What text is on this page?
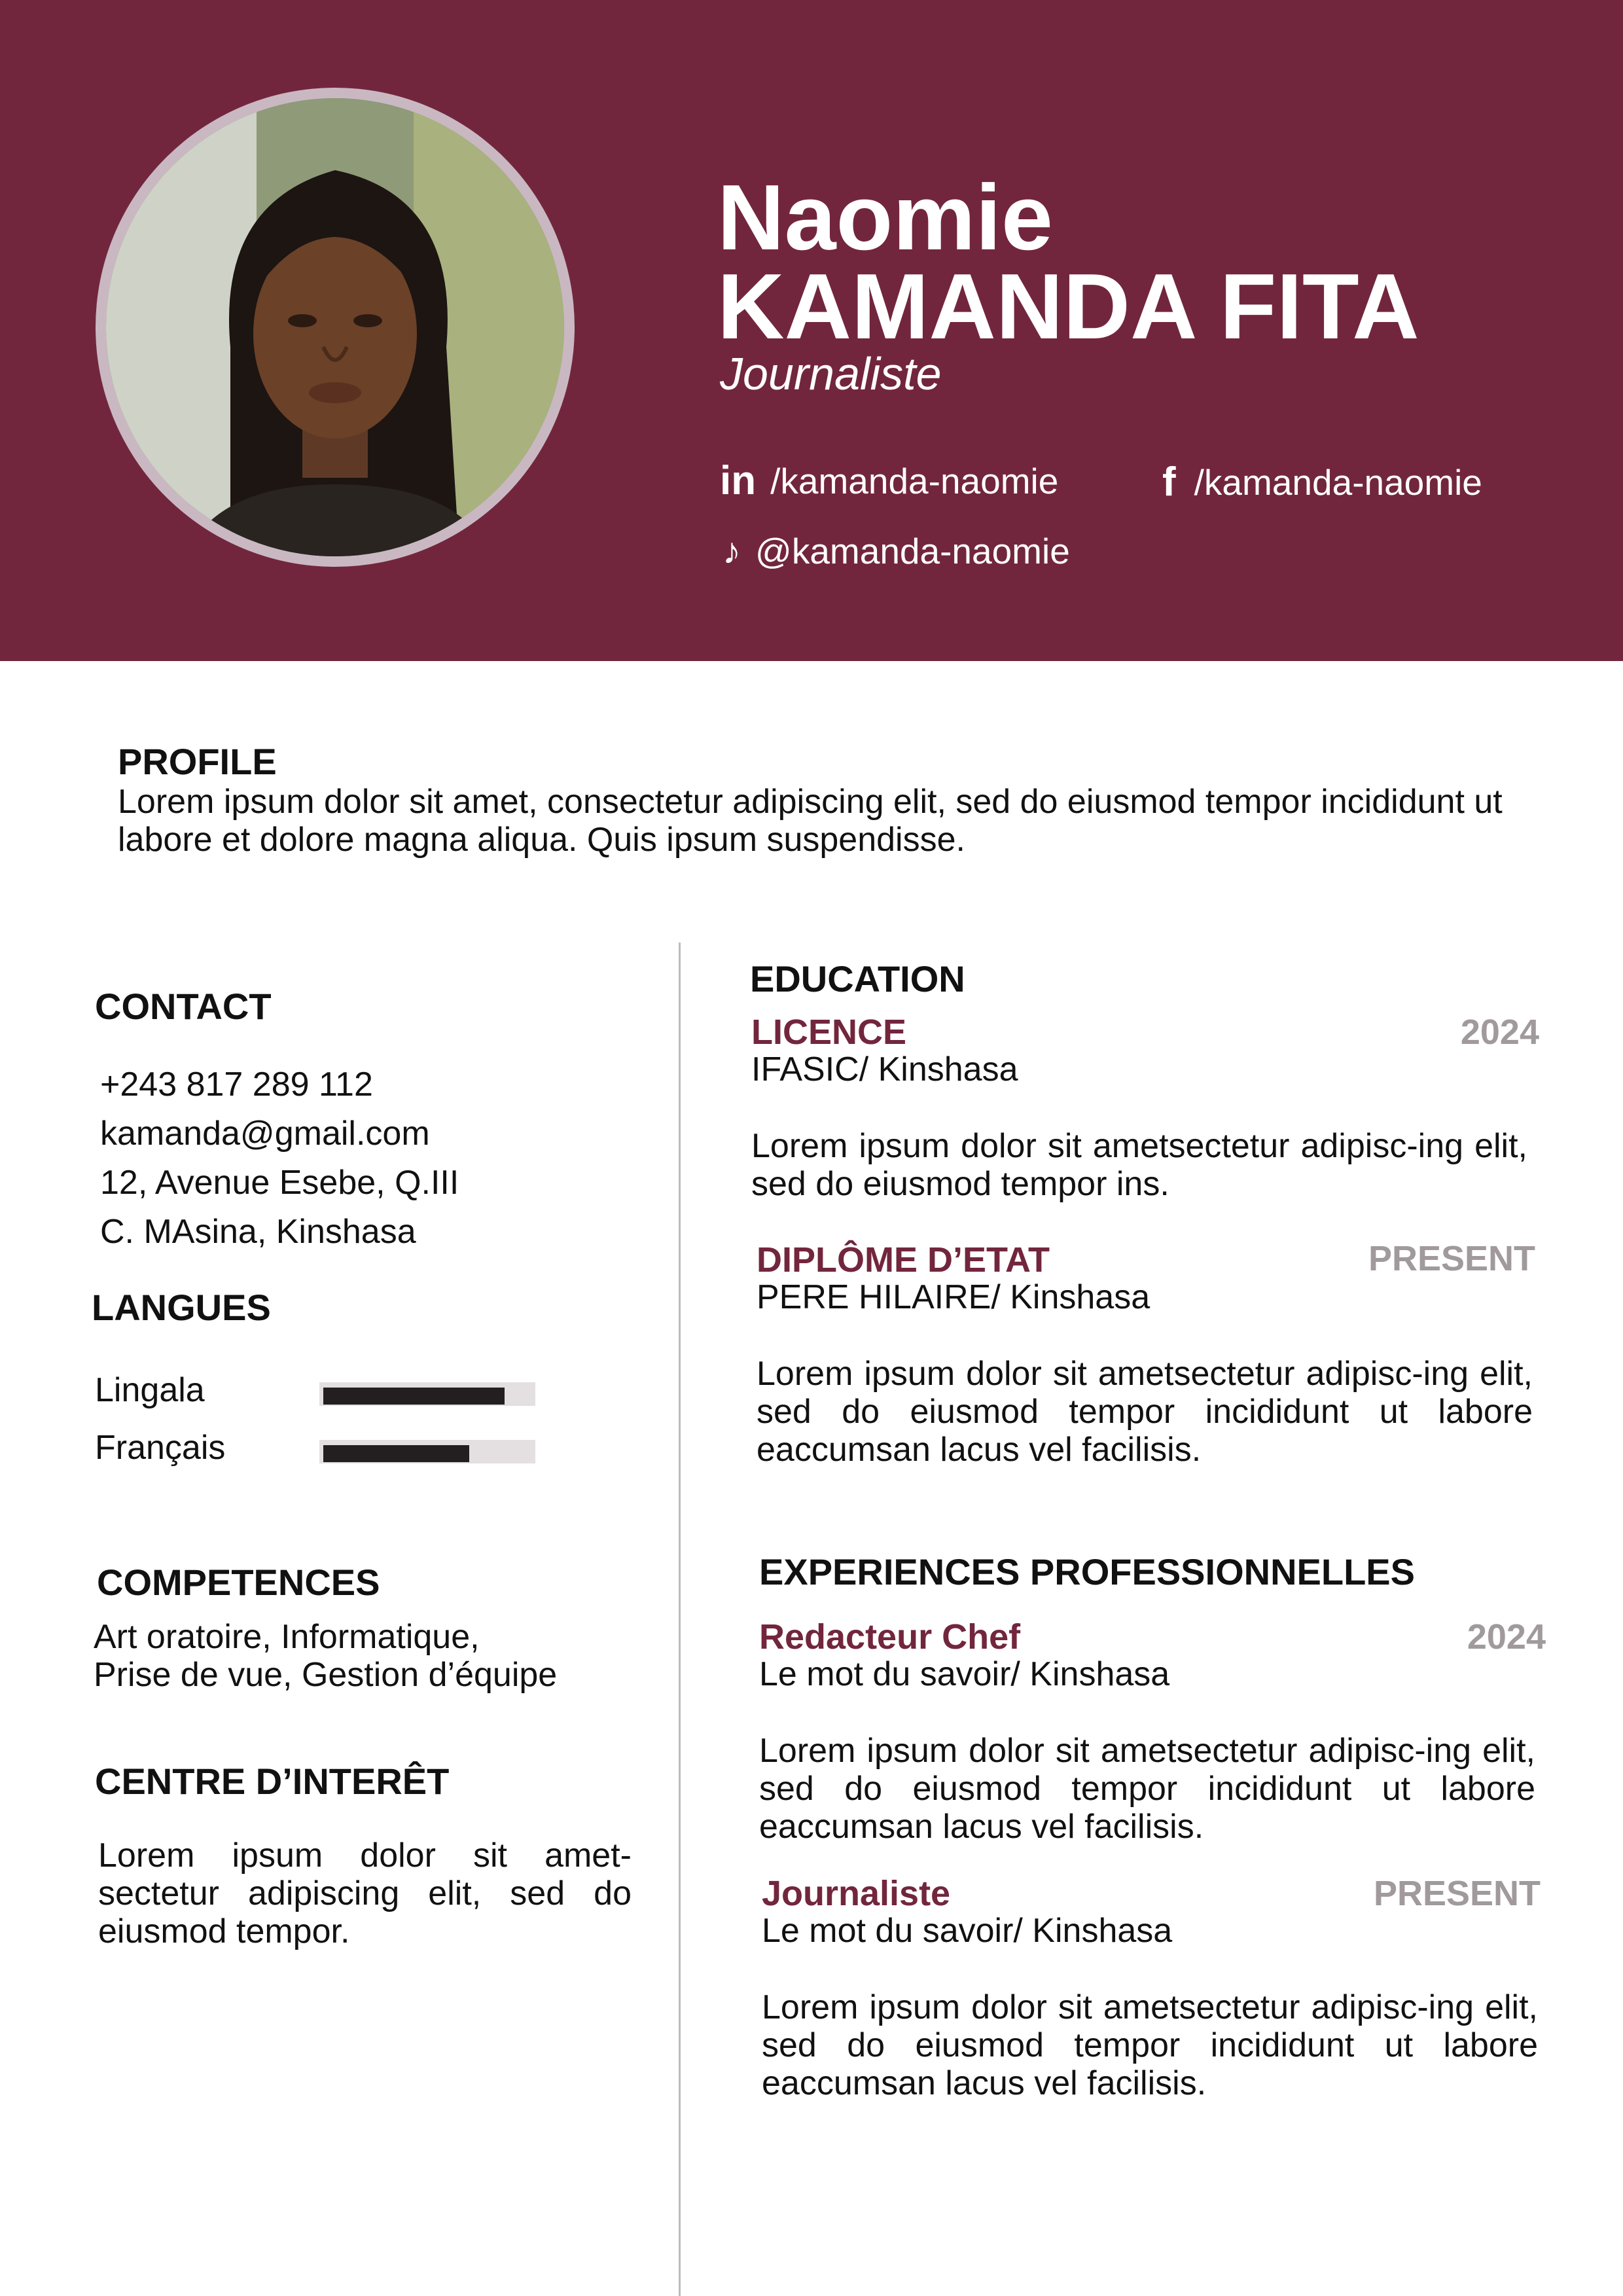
Naomie
KAMANDA FITA
Journaliste
in /kamanda-naomie	f /kamanda-naomie
♪ @kamanda-naomie
PROFILE
Lorem ipsum dolor sit amet, consectetur adipiscing elit, sed do eiusmod tempor incididunt ut labore et dolore magna aliqua. Quis ipsum suspendisse.
CONTACT
+243 817 289 112
kamanda@gmail.com
12, Avenue Esebe, Q.III
C. MAsina, Kinshasa
LANGUES
Lingala
Français
COMPETENCES
Art oratoire, Informatique,
Prise de vue, Gestion d’équipe
CENTRE D’INTERÊT
Lorem ipsum dolor sit amet-sectetur adipiscing elit, sed do eiusmod tempor.
EDUCATION
LICENCE	2024
IFASIC/ Kinshasa
Lorem ipsum dolor sit ametsectetur adipisc-ing elit, sed do eiusmod tempor ins.
DIPLÔME D’ETAT	PRESENT
PERE HILAIRE/ Kinshasa
Lorem ipsum dolor sit ametsectetur adipisc-ing elit, sed do eiusmod tempor incididunt ut labore eaccumsan lacus vel facilisis.
EXPERIENCES PROFESSIONNELLES
Redacteur Chef	2024
Le mot du savoir/ Kinshasa
Lorem ipsum dolor sit ametsectetur adipisc-ing elit, sed do eiusmod tempor incididunt ut labore eaccumsan lacus vel facilisis.
Journaliste	PRESENT
Le mot du savoir/ Kinshasa
Lorem ipsum dolor sit ametsectetur adipisc-ing elit, sed do eiusmod tempor incididunt ut labore eaccumsan lacus vel facilisis.
